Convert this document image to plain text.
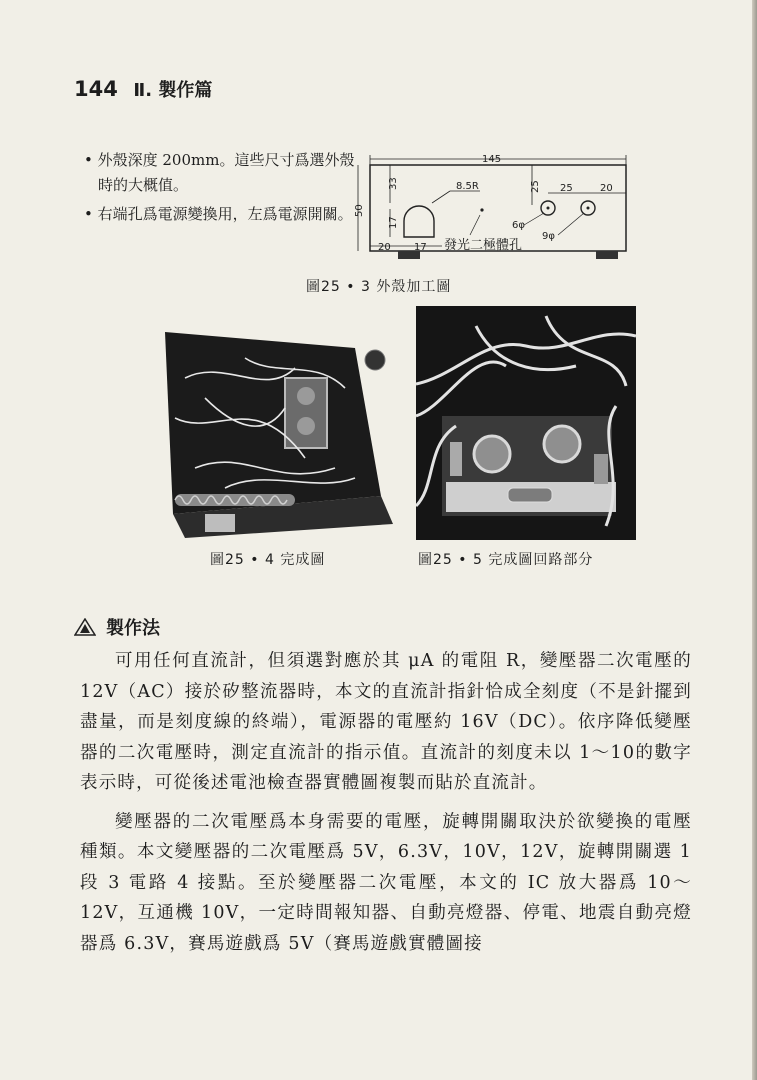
144 Ⅱ. 製作篇

• 外殼深度 200mm。這些尺寸爲選外殼時的大概值。

• 右端孔爲電源變換用，左爲電源開關。

145
50
33
17
8.5R	25 25	20
6φ
9φ
20 17 發光二極體孔
圖25 • 3 外殼加工圖
圖25 • 4 完成圖	圖25 • 5 完成圖回路部分
製作法

可用任何直流計，但須選對應於其 μA 的電阻 R，變壓器二次電壓的 12V（AC）接於矽整流器時，本文的直流計指針恰成全刻度（不是針擺到盡量，而是刻度線的終端），電源器的電壓約 16V（DC）。依序降低變壓器的二次電壓時，測定直流計的指示值。直流計的刻度未以 1～10的數字表示時，可從後述電池檢查器實體圖複製而貼於直流計。

變壓器的二次電壓爲本身需要的電壓，旋轉開關取決於欲變換的電壓種類。本文變壓器的二次電壓爲 5V，6.3V，10V，12V，旋轉開關選 1 段 3 電路 4 接點。至於變壓器二次電壓，本文的 IC 放大器爲 10～12V，互通機 10V，一定時間報知器、自動亮燈器、停電、地震自動亮燈器爲 6.3V，賽馬遊戲爲 5V（賽馬遊戲實體圖接
